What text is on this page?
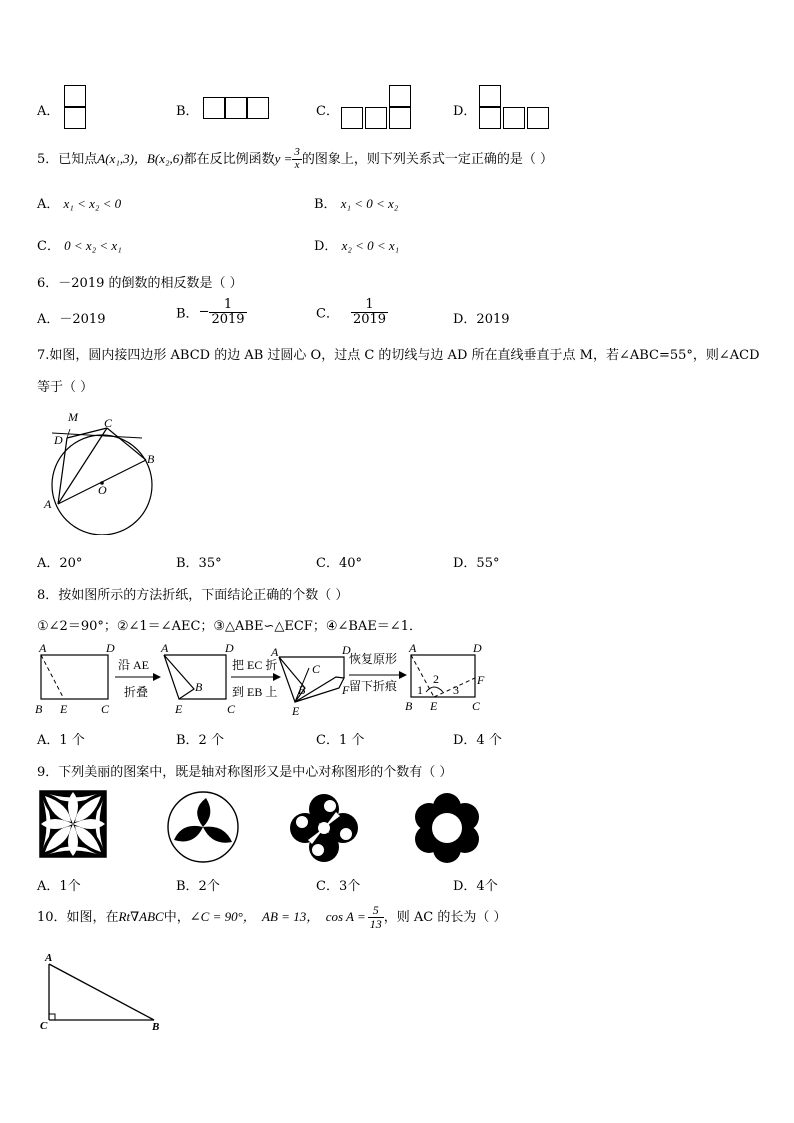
A．	B．	C．	D．
5．已知点A(x₁,3)，B(x₂,6)都在反比例函数$y = \frac{3}{x}$ 的图象上，则下列关系式一定正确的是（ ）
A． x₁ < x₂ < 0	B． x₁ < 0 < x₂
C． 0 < x₂ < x₁	D． x₂ < 0 < x₁
6．－2019 的倒数的相反数是（ ）
A．－2019	B．− $\frac{1}{2019}$	C． $\frac{1}{2019}$	D．2019
7.如图，圆内接四边形 ABCD 的边 AB 过圆心 O，过点 C 的切线与边 AD 所在直线垂直于点 M，若∠ABC=55°，则∠ACD
等于（ ）
M C
D
B
O
A
A．20°	B．35°	C．40°	D．55°
8．按如图所示的方法折纸，下面结论正确的个数（ ）
①∠2＝90°；②∠1＝∠AEC；③△ABE∽△ECF；④∠BAE＝∠1．
A	D
B E	C
沿 AE
折叠
A	D
B
E	C
把 EC 折
到 EB 上
A	D
C
B	F
E
恢复原形
留下折痕
A	D
1
2
3
F
B E	C
A．1 个	B．2 个	C．1 个	D．4 个
9．下列美丽的图案中，既是轴对称图形又是中心对称图形的个数有（ ）
A．1个	B．2个	C．3个	D．4个
10．如图，在Rt∇ABC中，∠C = 90°，  AB = 13，  $\cos A = \frac{5}{13}$ ，则 AC 的长为（ ）
A
C	B
